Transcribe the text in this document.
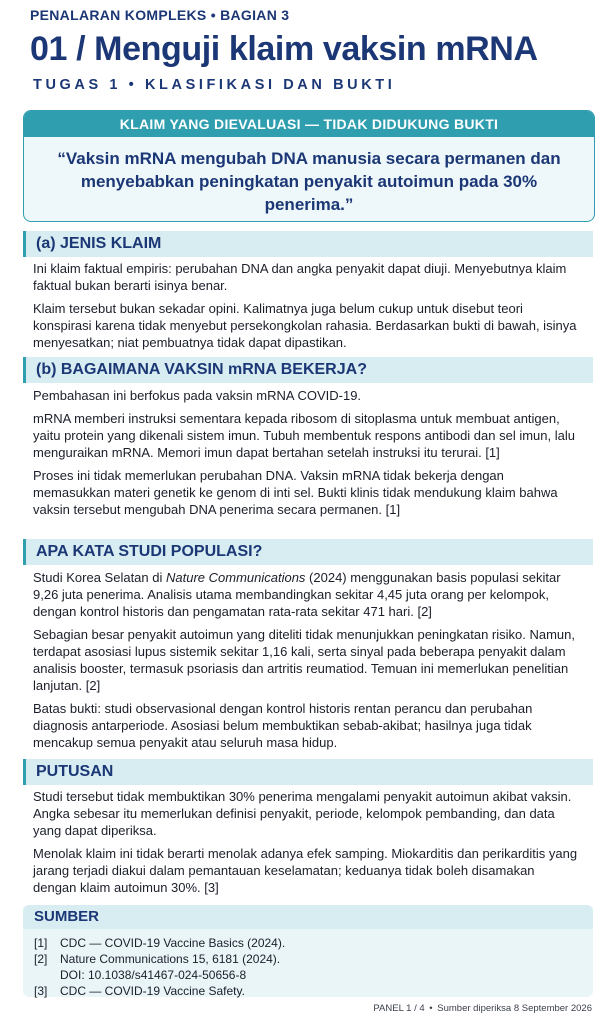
PENALARAN KOMPLEKS • BAGIAN 3
01 / Menguji klaim vaksin mRNA
TUGAS 1 • KLASIFIKASI DAN BUKTI
KLAIM YANG DIEVALUASI — TIDAK DIDUKUNG BUKTI
“Vaksin mRNA mengubah DNA manusia secara permanen dan menyebabkan peningkatan penyakit autoimun pada 30% penerima.”
(a) JENIS KLAIM

Ini klaim faktual empiris: perubahan DNA dan angka penyakit dapat diuji. Menyebutnya klaim faktual bukan berarti isinya benar.

Klaim tersebut bukan sekadar opini. Kalimatnya juga belum cukup untuk disebut teori konspirasi karena tidak menyebut persekongkolan rahasia. Berdasarkan bukti di bawah, isinya menyesatkan; niat pembuatnya tidak dapat dipastikan.

(b) BAGAIMANA VAKSIN mRNA BEKERJA?

Pembahasan ini berfokus pada vaksin mRNA COVID-19.

mRNA memberi instruksi sementara kepada ribosom di sitoplasma untuk membuat antigen, yaitu protein yang dikenali sistem imun. Tubuh membentuk respons antibodi dan sel imun, lalu menguraikan mRNA. Memori imun dapat bertahan setelah instruksi itu terurai. [1]

Proses ini tidak memerlukan perubahan DNA. Vaksin mRNA tidak bekerja dengan memasukkan materi genetik ke genom di inti sel. Bukti klinis tidak mendukung klaim bahwa vaksin tersebut mengubah DNA penerima secara permanen. [1]

APA KATA STUDI POPULASI?

Studi Korea Selatan di Nature Communications (2024) menggunakan basis populasi sekitar 9,26 juta penerima. Analisis utama membandingkan sekitar 4,45 juta orang per kelompok, dengan kontrol historis dan pengamatan rata-rata sekitar 471 hari. [2]

Sebagian besar penyakit autoimun yang diteliti tidak menunjukkan peningkatan risiko. Namun, terdapat asosiasi lupus sistemik sekitar 1,16 kali, serta sinyal pada beberapa penyakit dalam analisis booster, termasuk psoriasis dan artritis reumatiod. Temuan ini memerlukan penelitian lanjutan. [2]

Batas bukti: studi observasional dengan kontrol historis rentan perancu dan perubahan diagnosis antarperiode. Asosiasi belum membuktikan sebab-akibat; hasilnya juga tidak mencakup semua penyakit atau seluruh masa hidup.

PUTUSAN

Studi tersebut tidak membuktikan 30% penerima mengalami penyakit autoimun akibat vaksin. Angka sebesar itu memerlukan definisi penyakit, periode, kelompok pembanding, dan data yang dapat diperiksa.

Menolak klaim ini tidak berarti menolak adanya efek samping. Miokarditis dan perikarditis yang jarang terjadi diakui dalam pemantauan keselamatan; keduanya tidak boleh disamakan dengan klaim autoimun 30%. [3]

SUMBER
[1]	CDC — COVID-19 Vaccine Basics (2024).
[2]	Nature Communications 15, 6181 (2024).
DOI: 10.1038/s41467-024-50656-8
[3]	CDC — COVID-19 Vaccine Safety.
PANEL 1 / 4 • Sumber diperiksa 8 September 2026
